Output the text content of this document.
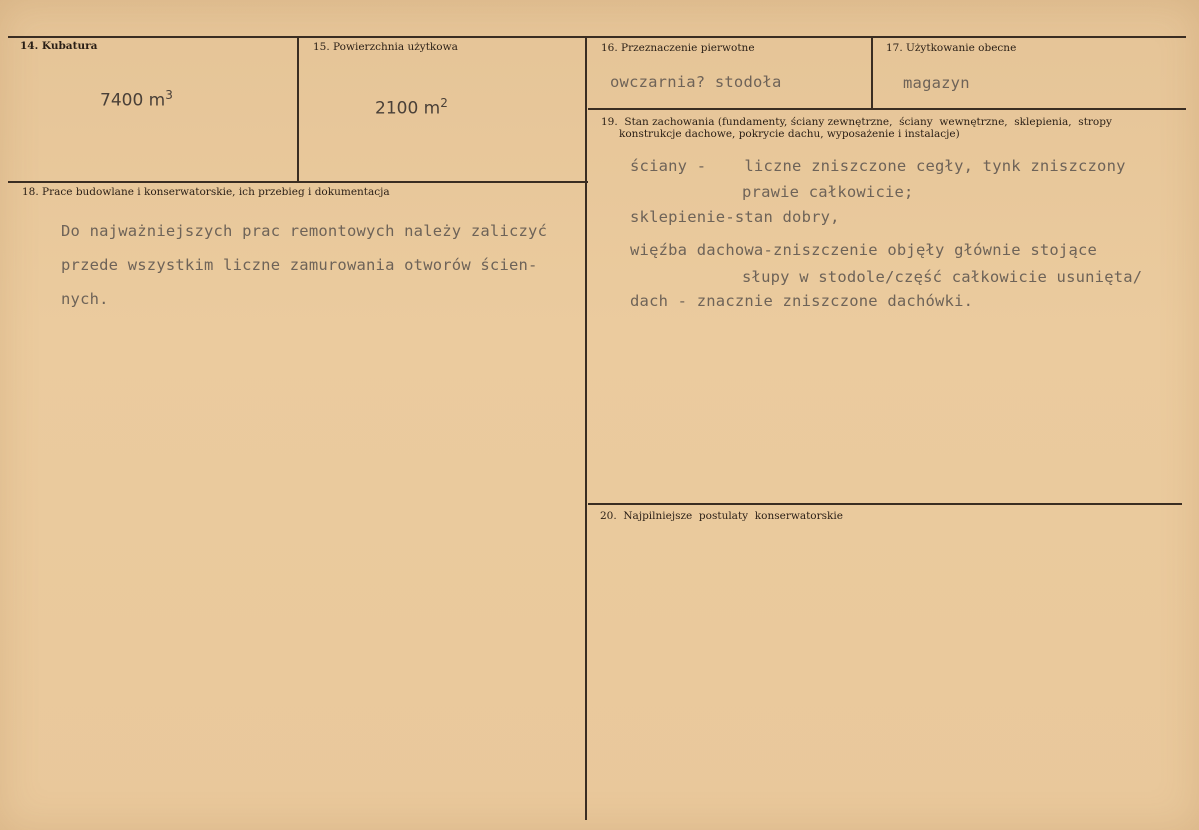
14. Kubatura
7400 $m^3$
15. Powierzchnia użytkowa
2100 $m^2$
16. Przeznaczenie pierwotne
owczarnia? stodoła
17. Użytkowanie obecne
magazyn
18. Prace budowlane i konserwatorskie, ich przebieg i dokumentacja
Do najważniejszych prac remontowych należy zaliczyć
przede wszystkim liczne zamurowania otworów ścien-
nych.
19.  Stan zachowania (fundamenty, ściany zewnętrzne,  ściany  wewnętrzne,  sklepienia,  stropy
konstrukcje dachowe, pokrycie dachu, wyposażenie i instalacje)
ściany -    liczne zniszczone cegły, tynk zniszczony
prawie całkowicie;
sklepienie-stan dobry,
więźba dachowa-zniszczenie objęły głównie stojące
słupy w stodole/część całkowicie usunięta/
dach - znacznie zniszczone dachówki.
20.  Najpilniejsze  postulaty  konserwatorskie
